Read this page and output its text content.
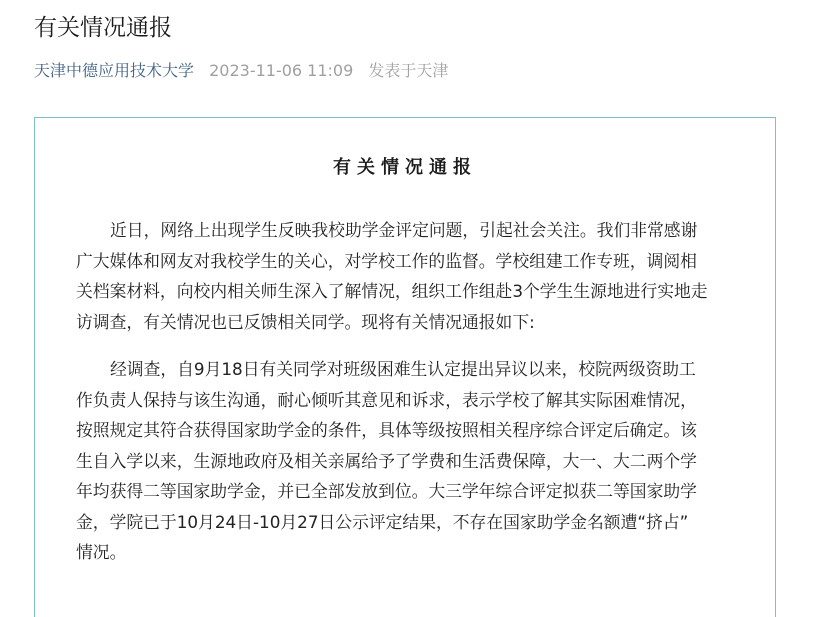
有关情况通报
天津中德应用技术大学 2023-11-06 11:09 发表于天津
有关情况通报

近日，网络上出现学生反映我校助学金评定问题，引起社会关注。我们非常感谢
广大媒体和网友对我校学生的关心，对学校工作的监督。学校组建工作专班，调阅相
关档案材料，向校内相关师生深入了解情况，组织工作组赴3个学生生源地进行实地走
访调查，有关情况也已反馈相关同学。现将有关情况通报如下:

经调查，自9月18日有关同学对班级困难生认定提出异议以来，校院两级资助工
作负责人保持与该生沟通，耐心倾听其意见和诉求，表示学校了解其实际困难情况，
按照规定其符合获得国家助学金的条件，具体等级按照相关程序综合评定后确定。该
生自入学以来，生源地政府及相关亲属给予了学费和生活费保障，大一、大二两个学
年均获得二等国家助学金，并已全部发放到位。大三学年综合评定拟获二等国家助学
金，学院已于10月24日-10月27日公示评定结果，不存在国家助学金名额遭“挤占”
情况。
